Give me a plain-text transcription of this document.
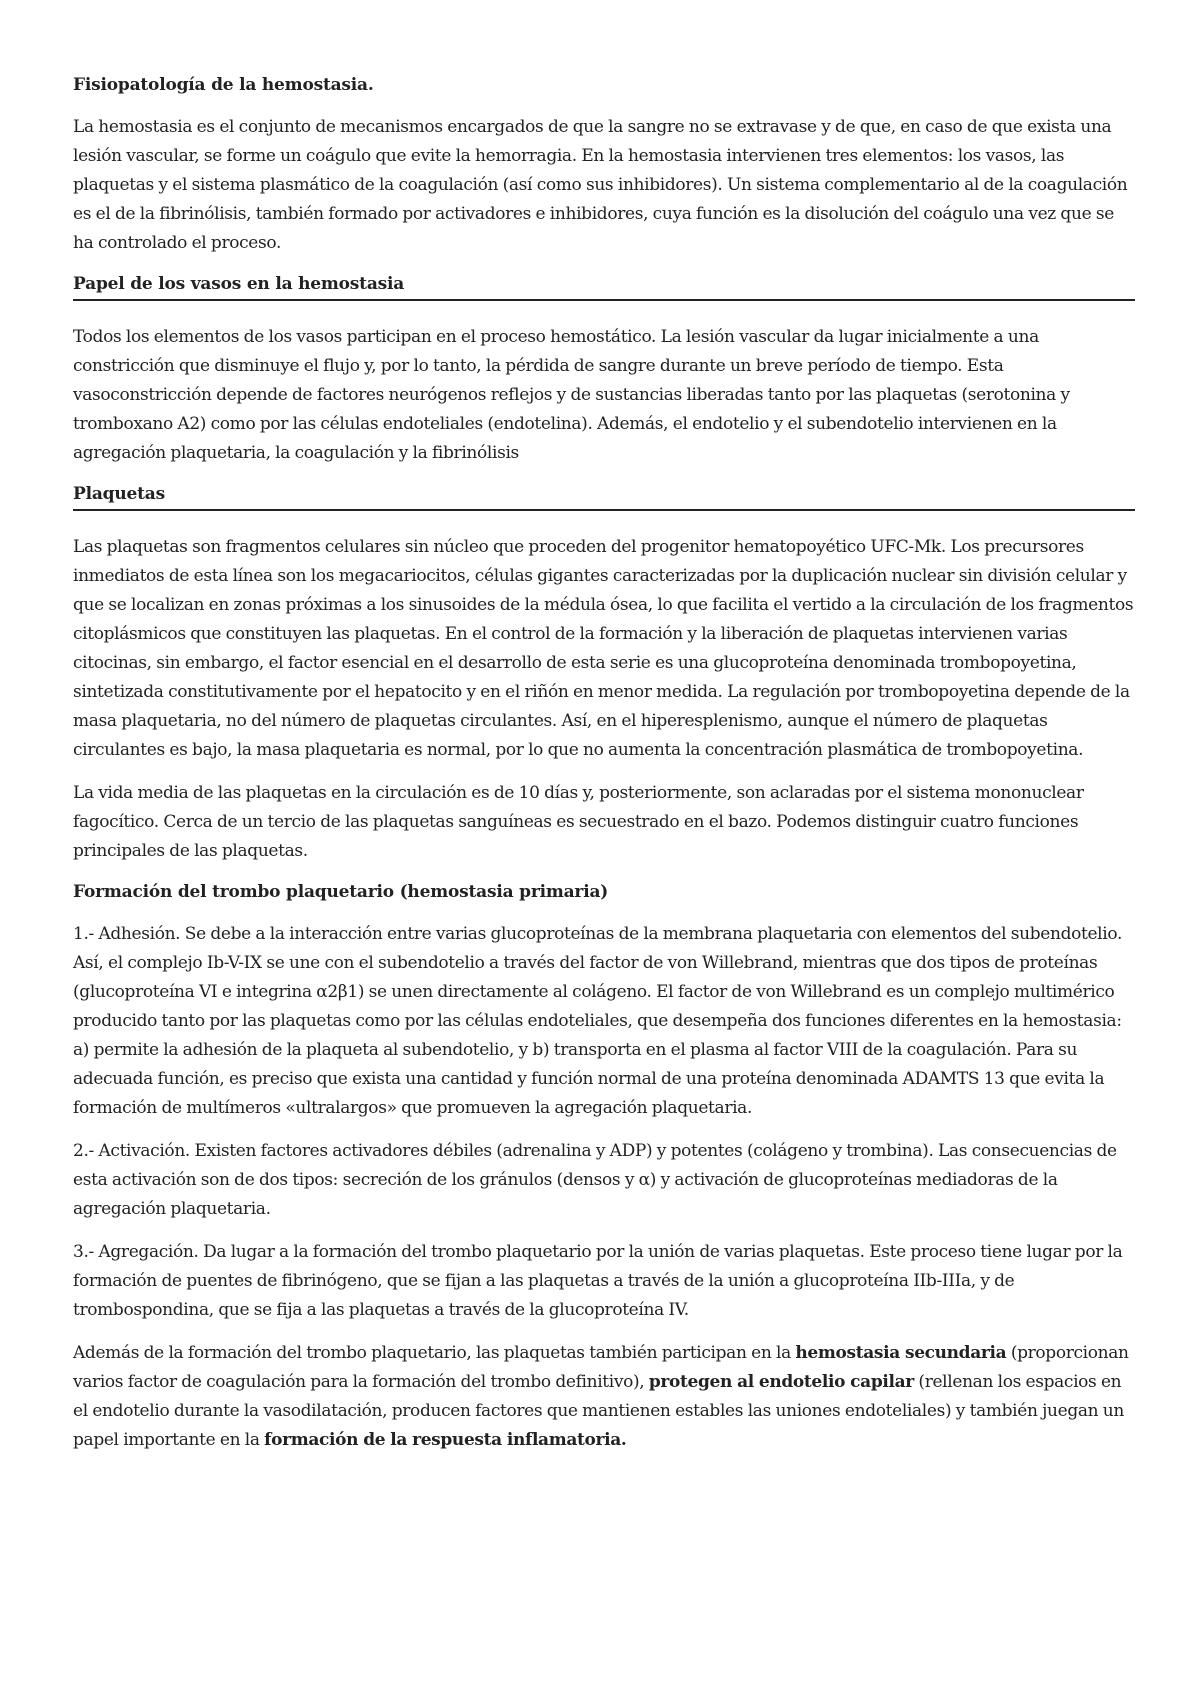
Fisiopatología de la hemostasia.

La hemostasia es el conjunto de mecanismos encargados de que la sangre no se extravase y de que, en caso de que exista una lesión vascular, se forme un coágulo que evite la hemorragia. En la hemostasia intervienen tres elementos: los vasos, las plaquetas y el sistema plasmático de la coagulación (así como sus inhibidores). Un sistema complementario al de la coagulación es el de la fibrinólisis, también formado por activadores e inhibidores, cuya función es la disolución del coágulo una vez que se ha controlado el proceso.

Papel de los vasos en la hemostasia

Todos los elementos de los vasos participan en el proceso hemostático. La lesión vascular da lugar inicialmente a una constricción que disminuye el flujo y, por lo tanto, la pérdida de sangre durante un breve período de tiempo. Esta vasoconstricción depende de factores neurógenos reflejos y de sustancias liberadas tanto por las plaquetas (serotonina y tromboxano A2) como por las células endoteliales (endotelina). Además, el endotelio y el subendotelio intervienen en la agregación plaquetaria, la coagulación y la fibrinólisis

Plaquetas

Las plaquetas son fragmentos celulares sin núcleo que proceden del progenitor hematopoyético UFC-Mk. Los precursores inmediatos de esta línea son los megacariocitos, células gigantes caracterizadas por la duplicación nuclear sin división celular y que se localizan en zonas próximas a los sinusoides de la médula ósea, lo que facilita el vertido a la circulación de los fragmentos citoplásmicos que constituyen las plaquetas. En el control de la formación y la liberación de plaquetas intervienen varias citocinas, sin embargo, el factor esencial en el desarrollo de esta serie es una glucoproteína denominada trombopoyetina, sintetizada constitutivamente por el hepatocito y en el riñón en menor medida. La regulación por trombopoyetina depende de la masa plaquetaria, no del número de plaquetas circulantes. Así, en el hiperesplenismo, aunque el número de plaquetas circulantes es bajo, la masa plaquetaria es normal, por lo que no aumenta la concentración plasmática de trombopoyetina.

La vida media de las plaquetas en la circulación es de 10 días y, posteriormente, son aclaradas por el sistema mononuclear fagocítico. Cerca de un tercio de las plaquetas sanguíneas es secuestrado en el bazo. Podemos distinguir cuatro funciones principales de las plaquetas.

Formación del trombo plaquetario (hemostasia primaria)

1.- Adhesión. Se debe a la interacción entre varias glucoproteínas de la membrana plaquetaria con elementos del subendotelio. Así, el complejo Ib-V-IX se une con el subendotelio a través del factor de von Willebrand, mientras que dos tipos de proteínas (glucoproteína VI e integrina α2β1) se unen directamente al colágeno. El factor de von Willebrand es un complejo multimérico producido tanto por las plaquetas como por las células endoteliales, que desempeña dos funciones diferentes en la hemostasia: a) permite la adhesión de la plaqueta al subendotelio, y b) transporta en el plasma al factor VIII de la coagulación. Para su adecuada función, es preciso que exista una cantidad y función normal de una proteína denominada ADAMTS 13 que evita la formación de multímeros «ultralargos» que promueven la agregación plaquetaria.

2.- Activación. Existen factores activadores débiles (adrenalina y ADP) y potentes (colágeno y trombina). Las consecuencias de esta activación son de dos tipos: secreción de los gránulos (densos y α) y activación de glucoproteínas mediadoras de la agregación plaquetaria.

3.- Agregación. Da lugar a la formación del trombo plaquetario por la unión de varias plaquetas. Este proceso tiene lugar por la formación de puentes de fibrinógeno, que se fijan a las plaquetas a través de la unión a glucoproteína IIb-IIIa, y de trombospondina, que se fija a las plaquetas a través de la glucoproteína IV.

Además de la formación del trombo plaquetario, las plaquetas también participan en la hemostasia secundaria (proporcionan varios factor de coagulación para la formación del trombo definitivo), protegen al endotelio capilar (rellenan los espacios en el endotelio durante la vasodilatación, producen factores que mantienen estables las uniones endoteliales) y también juegan un papel importante en la formación de la respuesta inflamatoria.
